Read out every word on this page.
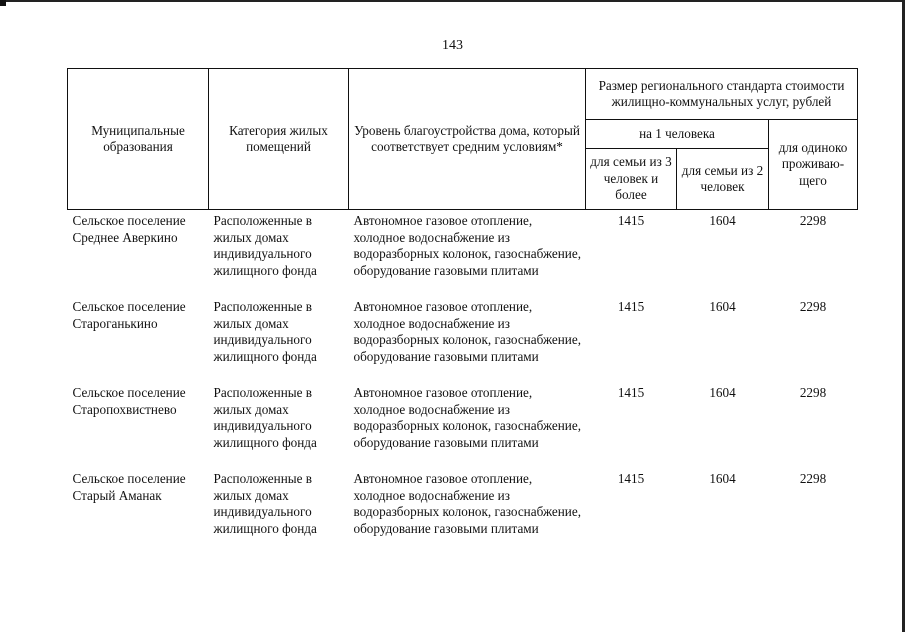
143
Муниципальные образования	Категория жилых помещений	Уровень благоустройства дома, который соответствует средним условиям*	Размер регионального стандарта стоимости жилищно-коммунальных услуг, рублей		
			на 1 человека		для одиноко проживаю-щего
			для семьи из 3 человек и более	для семьи из 2 человек	
Сельское поселение Среднее Аверкино	Расположенные в жилых домах индивидуального жилищного фонда	Автономное газовое отопление, холодное водоснабжение из водоразборных колонок, газоснабжение, оборудование газовыми плитами	1415	1604	2298
Сельское поселение Староганькино	Расположенные в жилых домах индивидуального жилищного фонда	Автономное газовое отопление, холодное водоснабжение из водоразборных колонок, газоснабжение, оборудование газовыми плитами	1415	1604	2298
Сельское поселение Старопохвистнево	Расположенные в жилых домах индивидуального жилищного фонда	Автономное газовое отопление, холодное водоснабжение из водоразборных колонок, газоснабжение, оборудование газовыми плитами	1415	1604	2298
Сельское поселение Старый Аманак	Расположенные в жилых домах индивидуального жилищного фонда	Автономное газовое отопление, холодное водоснабжение из водоразборных колонок, газоснабжение, оборудование газовыми плитами	1415	1604	2298
